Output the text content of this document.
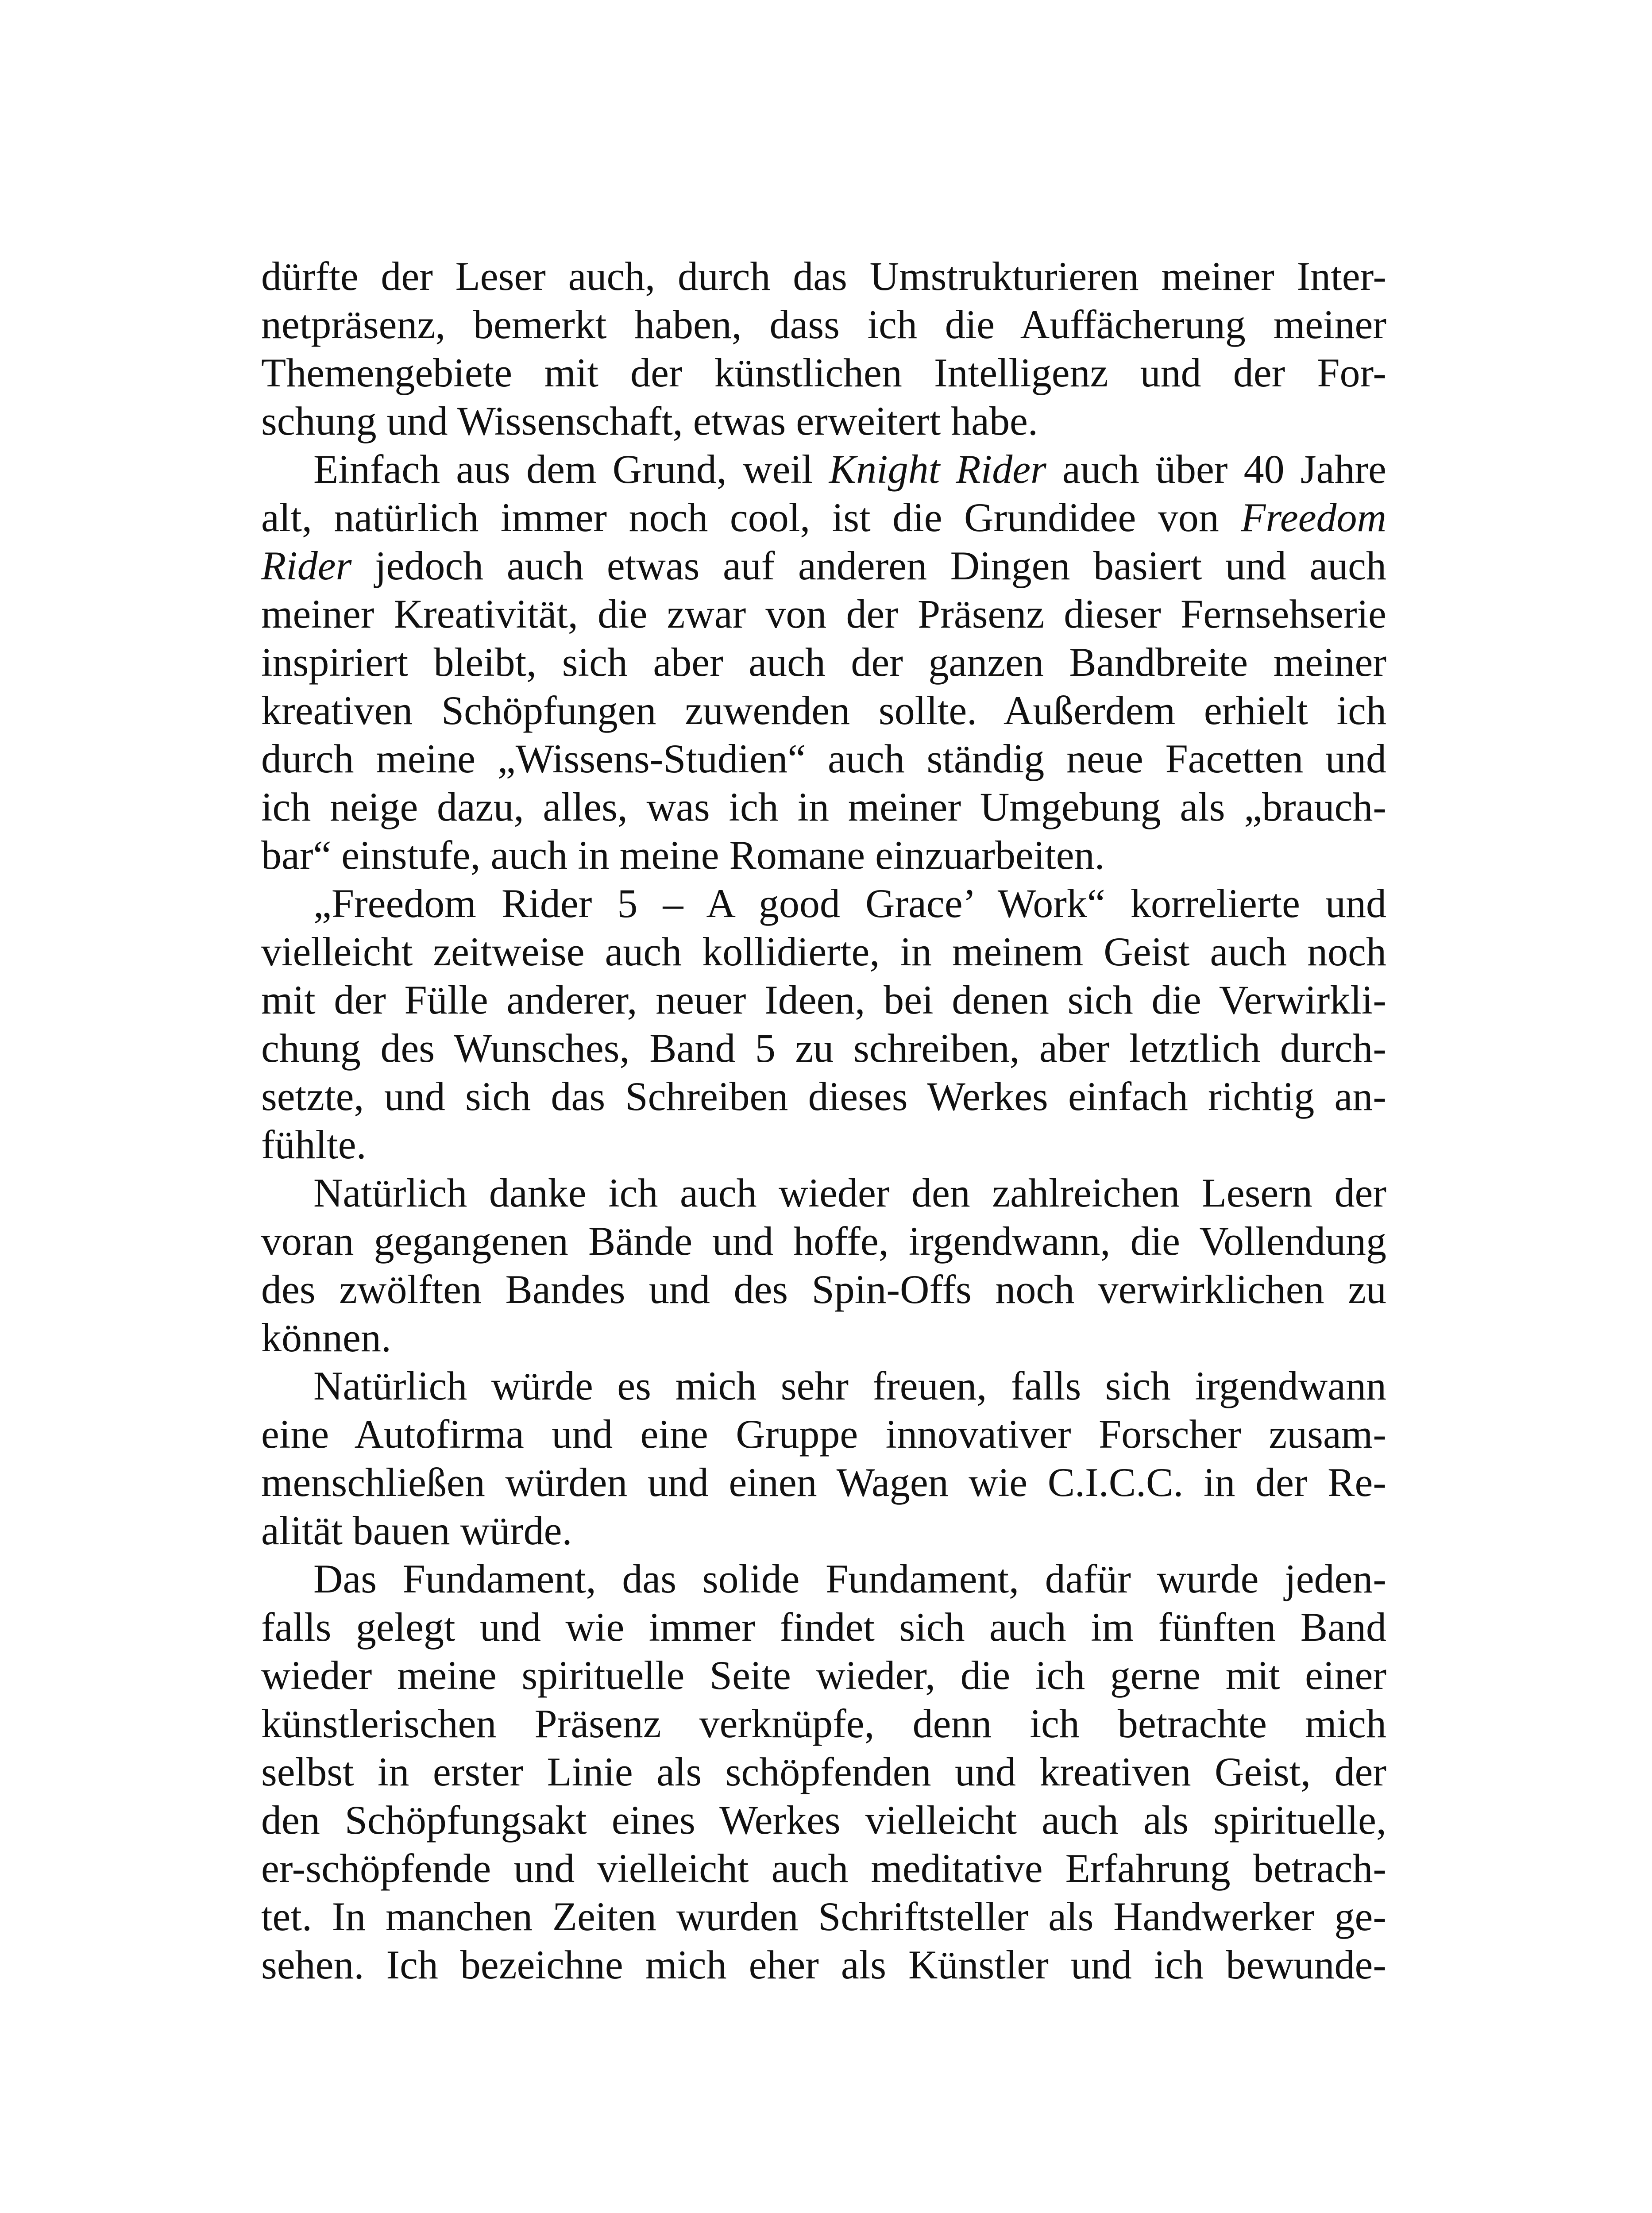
dürfte der Leser auch, durch das Umstrukturieren meiner Inter-
netpräsenz, bemerkt haben, dass ich die Auffächerung meiner
Themengebiete mit der künstlichen Intelligenz und der For-
schung und Wissenschaft, etwas erweitert habe.
Einfach aus dem Grund, weil Knight Rider auch über 40 Jahre
alt, natürlich immer noch cool, ist die Grundidee von Freedom
Rider jedoch auch etwas auf anderen Dingen basiert und auch
meiner Kreativität, die zwar von der Präsenz dieser Fernsehserie
inspiriert bleibt, sich aber auch der ganzen Bandbreite meiner
kreativen Schöpfungen zuwenden sollte. Außerdem erhielt ich
durch meine „Wissens-Studien“ auch ständig neue Facetten und
ich neige dazu, alles, was ich in meiner Umgebung als „brauch-
bar“ einstufe, auch in meine Romane einzuarbeiten.
„Freedom Rider 5 – A good Grace’ Work“ korrelierte und
vielleicht zeitweise auch kollidierte, in meinem Geist auch noch
mit der Fülle anderer, neuer Ideen, bei denen sich die Verwirkli-
chung des Wunsches, Band 5 zu schreiben, aber letztlich durch-
setzte, und sich das Schreiben dieses Werkes einfach richtig an-
fühlte.
Natürlich danke ich auch wieder den zahlreichen Lesern der
voran gegangenen Bände und hoffe, irgendwann, die Vollendung
des zwölften Bandes und des Spin-Offs noch verwirklichen zu
können.
Natürlich würde es mich sehr freuen, falls sich irgendwann
eine Autofirma und eine Gruppe innovativer Forscher zusam-
menschließen würden und einen Wagen wie C.I.C.C. in der Re-
alität bauen würde.
Das Fundament, das solide Fundament, dafür wurde jeden-
falls gelegt und wie immer findet sich auch im fünften Band
wieder meine spirituelle Seite wieder, die ich gerne mit einer
künstlerischen Präsenz verknüpfe, denn ich betrachte mich
selbst in erster Linie als schöpfenden und kreativen Geist, der
den Schöpfungsakt eines Werkes vielleicht auch als spirituelle,
er-schöpfende und vielleicht auch meditative Erfahrung betrach-
tet. In manchen Zeiten wurden Schriftsteller als Handwerker ge-
sehen. Ich bezeichne mich eher als Künstler und ich bewunde-
